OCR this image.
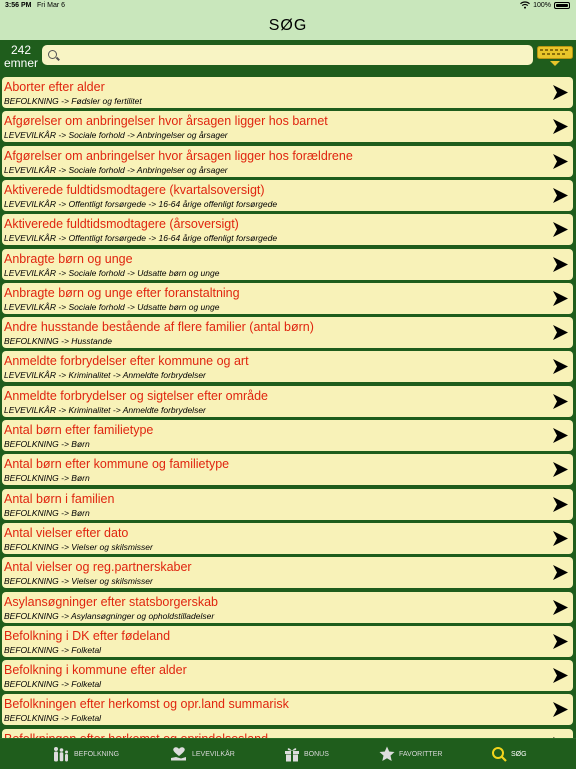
3:56 PM Fri Mar 6	100%
SØG
242
emner
Aborter efter alder
BEFOLKNING -> Fødsler og fertilitet
Afgørelser om anbringelser hvor årsagen ligger hos barnet
LEVEVILKÅR -> Sociale forhold -> Anbringelser og årsager
Afgørelser om anbringelser hvor årsagen ligger hos forældrene
LEVEVILKÅR -> Sociale forhold -> Anbringelser og årsager
Aktiverede fuldtidsmodtagere (kvartalsoversigt)
LEVEVILKÅR -> Offentligt forsørgede -> 16-64 årige offenligt forsørgede
Aktiverede fuldtidsmodtagere (årsoversigt)
LEVEVILKÅR -> Offentligt forsørgede -> 16-64 årige offenligt forsørgede
Anbragte børn og unge
LEVEVILKÅR -> Sociale forhold -> Udsatte børn og unge
Anbragte børn og unge efter foranstaltning
LEVEVILKÅR -> Sociale forhold -> Udsatte børn og unge
Andre husstande bestående af flere familier (antal børn)
BEFOLKNING -> Husstande
Anmeldte forbrydelser efter kommune og art
LEVEVILKÅR -> Kriminalitet -> Anmeldte forbrydelser
Anmeldte forbrydelser og sigtelser efter område
LEVEVILKÅR -> Kriminalitet -> Anmeldte forbrydelser
Antal børn efter familietype
BEFOLKNING -> Børn
Antal børn efter kommune og familietype
BEFOLKNING -> Børn
Antal børn i familien
BEFOLKNING -> Børn
Antal vielser efter dato
BEFOLKNING -> Vielser og skilsmisser
Antal vielser og reg.partnerskaber
BEFOLKNING -> Vielser og skilsmisser
Asylansøgninger efter statsborgerskab
BEFOLKNING -> Asylansøgninger og opholdstilladelser
Befolkning i DK efter fødeland
BEFOLKNING -> Folketal
Befolkning i kommune efter alder
BEFOLKNING -> Folketal
Befolkningen efter herkomst og opr.land summarisk
BEFOLKNING -> Folketal
BEFOLKNING	LEVEVILKÅR	BONUS	FAVORITTER	SØG
